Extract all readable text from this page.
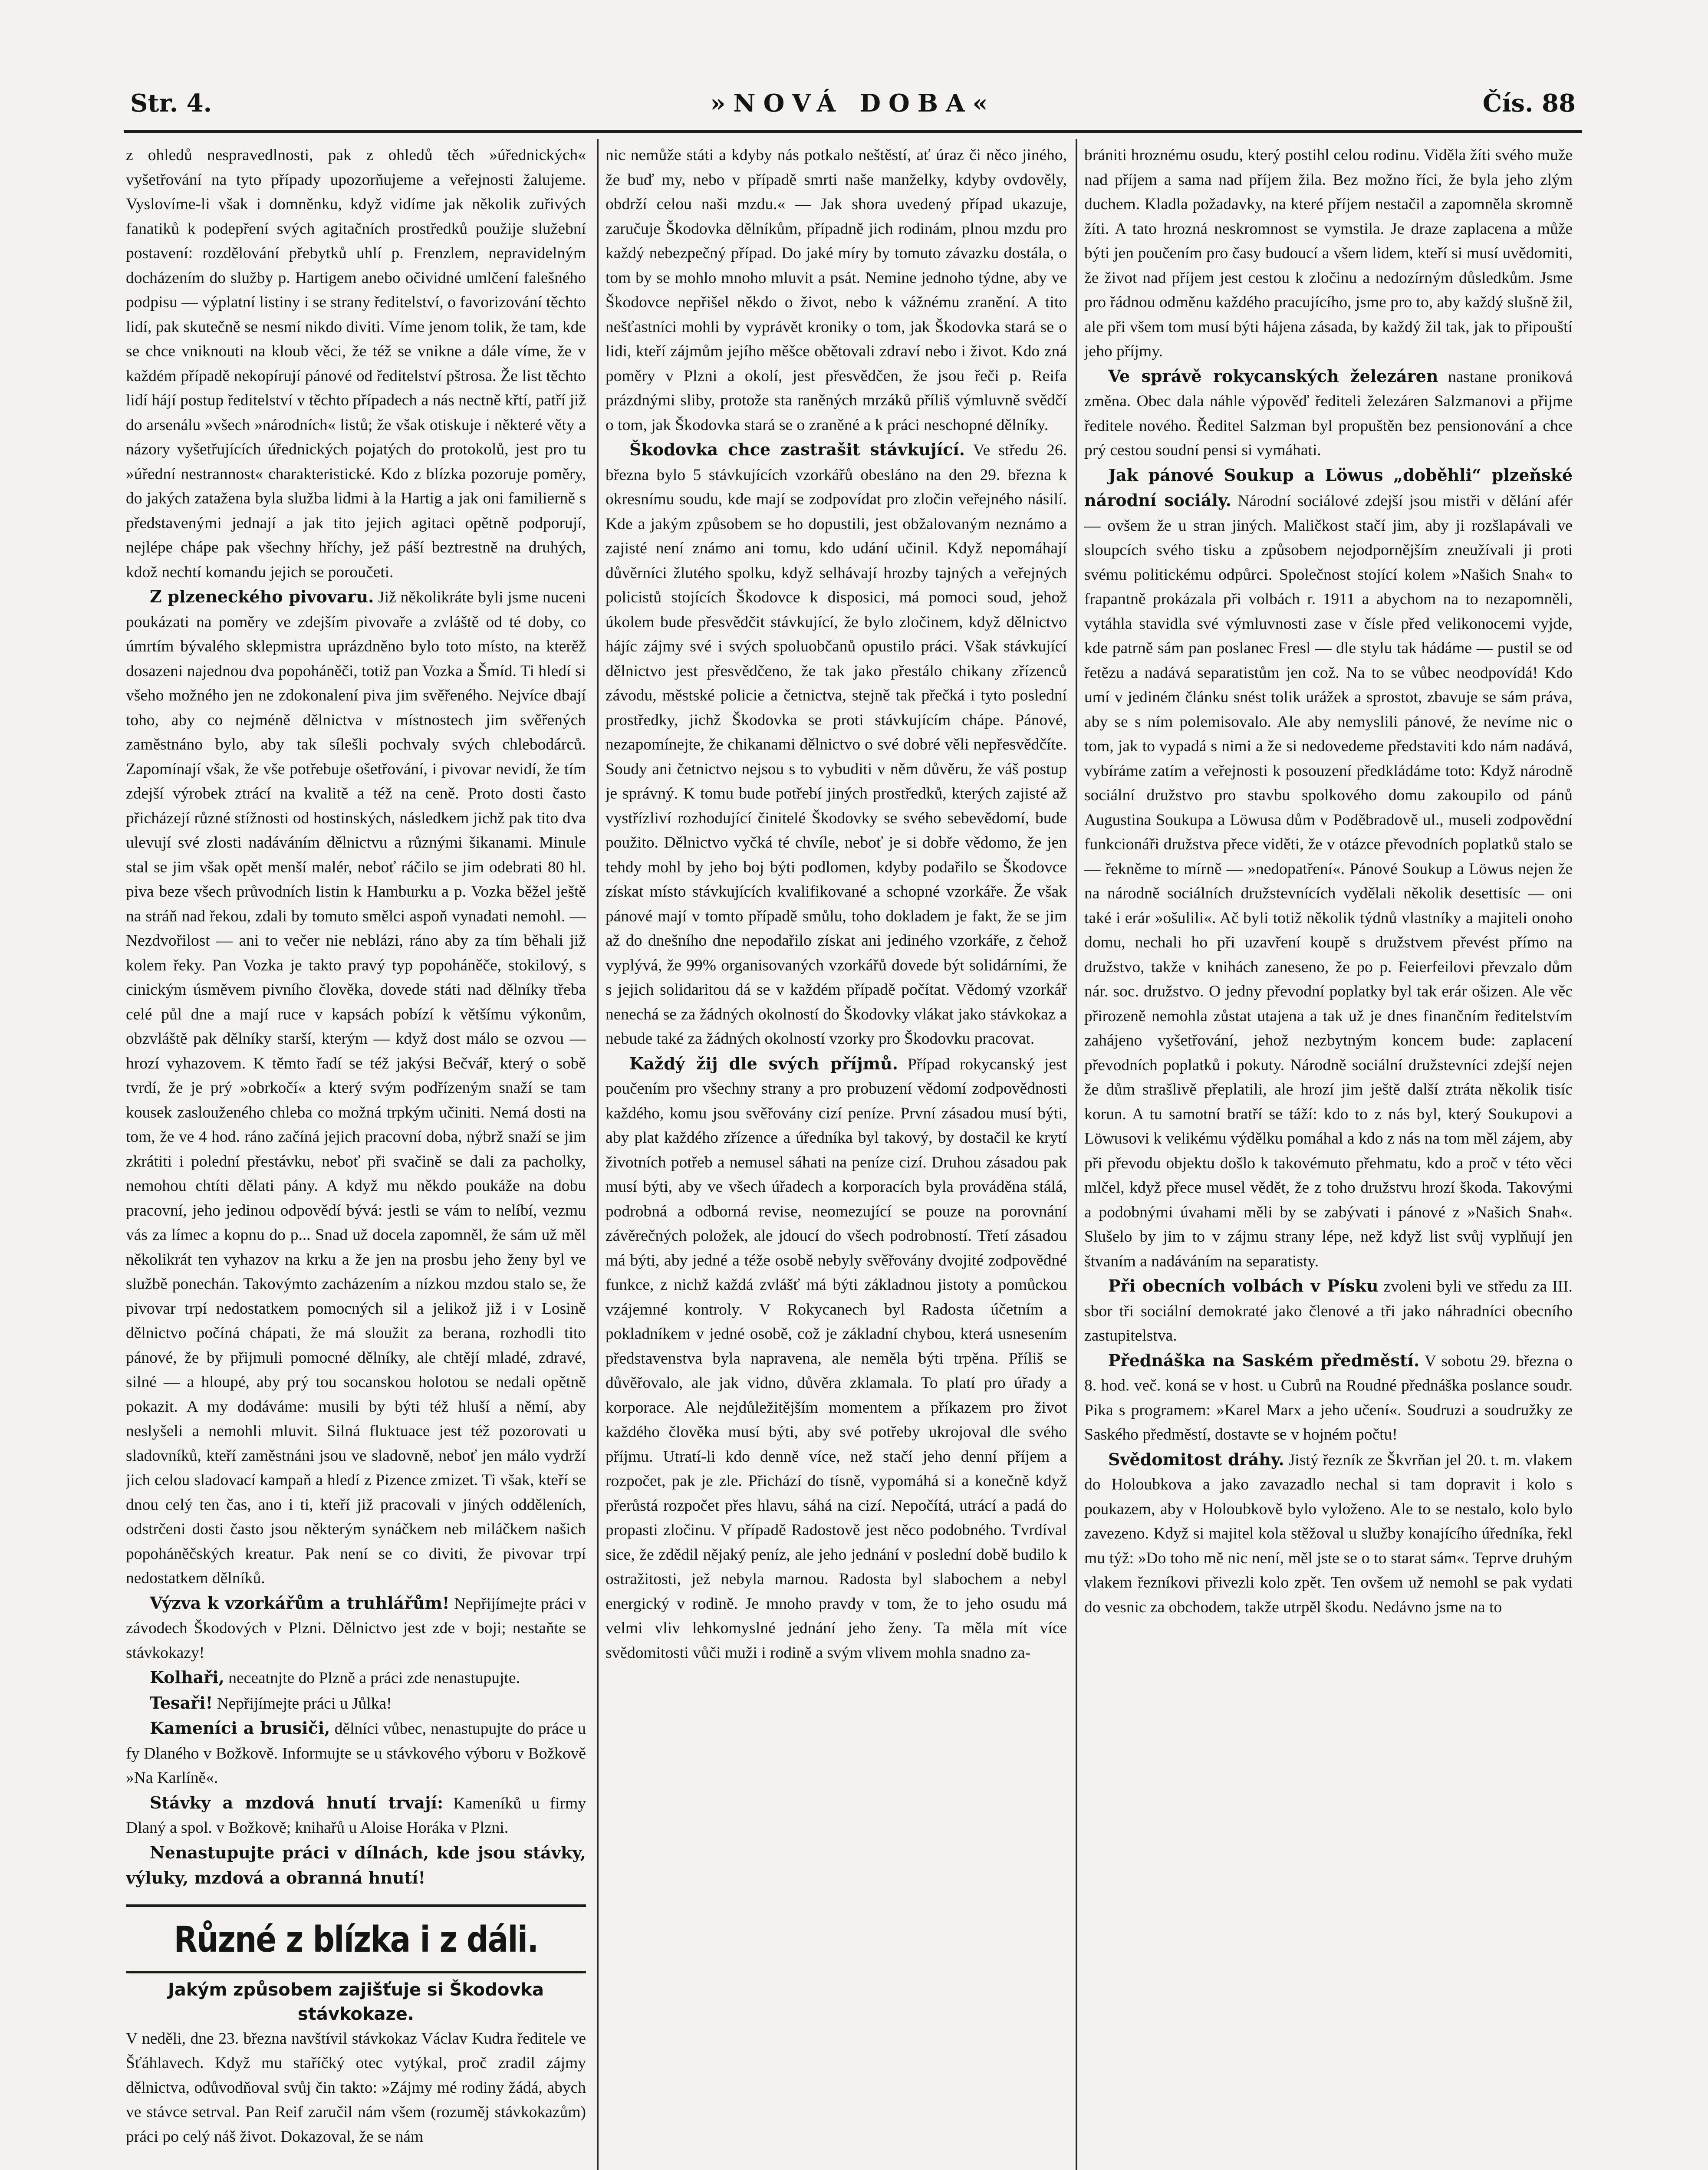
Str. 4.	»NOVÁ DOBA«	Čís. 88

z ohledů nespravedlnosti, pak z ohledů těch »úřednických« vyšetřování na tyto případy upozorňujeme a veřejnosti žalujeme. Vyslovíme-li však i domněnku, když vidíme jak několik zuřivých fanatiků k podepření svých agitačních prostředků použije služební postavení: rozdělování přebytků uhlí p. Frenzlem, nepravidelným docházením do služby p. Hartigem anebo očividné umlčení falešného podpisu — výplatní listiny i se strany ředitelství, o favorizování těchto lidí, pak skutečně se nesmí nikdo diviti. Víme jenom tolik, že tam, kde se chce vniknouti na kloub věci, že též se vnikne a dále víme, že v každém případě nekopírují pánové od ředitelství pštrosa. Že list těchto lidí hájí postup ředitelství v těchto případech a nás nectně křtí, patří již do arsenálu »všech »národních« listů; že však otiskuje i některé věty a názory vyšetřujících úřednických pojatých do protokolů, jest pro tu »úřední nestrannost« charakteristické. Kdo z blízka pozoruje poměry, do jakých zatažena byla služba lidmi à la Hartig a jak oni familierně s představenými jednají a jak tito jejich agitaci opětně podporují, nejlépe chápe pak všechny hříchy, jež páší beztrestně na druhých, kdož nechtí komandu jejich se poroučeti.

Z plzeneckého pivovaru. Již několikráte byli jsme nuceni poukázati na poměry ve zdejším pivovaře a zvláště od té doby, co úmrtím bývalého sklepmistra uprázdněno bylo toto místo, na kterěž dosazeni najednou dva popoháněči, totiž pan Vozka a Šmíd. Ti hledí si všeho možného jen ne zdokonalení piva jim svěřeného. Nejvíce dbají toho, aby co nejméně dělnictva v místnostech jim svěřených zaměstnáno bylo, aby tak sílešli pochvaly svých chlebodárců. Zapomínají však, že vše potřebuje ošetřování, i pivovar nevidí, že tím zdejší výrobek ztrácí na kvalitě a též na ceně. Proto dosti často přicházejí různé stížnosti od hostinských, následkem jichž pak tito dva ulevují své zlosti nadáváním dělnictvu a různými šikanami. Minule stal se jim však opět menší malér, neboť ráčilo se jim odebrati 80 hl. piva beze všech průvodních listin k Hamburku a p. Vozka běžel ještě na stráň nad řekou, zdali by tomuto smělci aspoň vynadati nemohl. — Nezdvořilost — ani to večer nie neblázi, ráno aby za tím běhali již kolem řeky. Pan Vozka je takto pravý typ popoháněče, stokilový, s cinickým úsměvem pivního člověka, dovede státi nad dělníky třeba celé půl dne a mají ruce v kapsách pobízí k většímu výkonům, obzvláště pak dělníky starší, kterým — když dost málo se ozvou — hrozí vyhazovem. K těmto řadí se též jakýsi Bečvář, který o sobě tvrdí, že je prý »obrkočí« a který svým podřízeným snaží se tam kousek zaslouženého chleba co možná trpkým učiniti. Nemá dosti na tom, že ve 4 hod. ráno začíná jejich pracovní doba, nýbrž snaží se jim zkrátiti i polední přestávku, neboť při svačině se dali za pacholky, nemohou chtíti dělati pány. A když mu někdo poukáže na dobu pracovní, jeho jedinou odpovědí bývá: jestli se vám to nelíbí, vezmu vás za límec a kopnu do p... Snad už docela zapomněl, že sám už měl několikrát ten vyhazov na krku a že jen na prosbu jeho ženy byl ve službě ponechán. Takovýmto zacházením a nízkou mzdou stalo se, že pivovar trpí nedostatkem pomocných sil a jelikož již i v Losině dělnictvo počíná chápati, že má sloužit za berana, rozhodli tito pánové, že by přijmuli pomocné dělníky, ale chtějí mladé, zdravé, silné — a hloupé, aby prý tou socanskou holotou se nedali opětně pokazit. A my dodáváme: musili by býti též hluší a němí, aby neslyšeli a nemohli mluvit. Silná fluktuace jest též pozorovati u sladovníků, kteří zaměstnáni jsou ve sladovně, neboť jen málo vydrží jich celou sladovací kampaň a hledí z Pizence zmizet. Ti však, kteří se dnou celý ten čas, ano i ti, kteří již pracovali v jiných odděleních, odstrčeni dosti často jsou některým synáčkem neb miláčkem našich popoháněčských kreatur. Pak není se co diviti, že pivovar trpí nedostatkem dělníků.

Výzva k vzorkářům a truhlářům! Nepřijímejte práci v závodech Škodových v Plzni. Dělnictvo jest zde v boji; nestaňte se stávkokazy!

Kolhaři, neceatnjte do Plzně a práci zde nenastupujte.

Tesaři! Nepřijímejte práci u Jůlka!

Kameníci a brusiči, dělníci vůbec, nenastupujte do práce u fy Dlaného v Božkově. Informujte se u stávkového výboru v Božkově »Na Karlíně«.

Stávky a mzdová hnutí trvají: Kameníků u firmy Dlaný a spol. v Božkově; knihařů u Aloise Horáka v Plzni.

Nenastupujte práci v dílnách, kde jsou stávky, výluky, mzdová a obranná hnutí!

Různé z blízka i z dáli.

Jakým způsobem zajišťuje si Škodovka stávkokaze.
V neděli, dne 23. března navštívil stávkokaz Václav Kudra ředitele ve Šťáhlavech. Když mu staříčký otec vytýkal, proč zradil zájmy dělnictva, odůvodňoval svůj čin takto: »Zájmy mé rodiny žádá, abych ve stávce setrval. Pan Reif zaručil nám všem (rozuměj stávkokazům) práci po celý náš život. Dokazoval, že se nám

nic nemůže státi a kdyby nás potkalo neštěstí, ať úraz či něco jiného, že buď my, nebo v případě smrti naše manželky, kdyby ovdověly, obdrží celou naši mzdu.« — Jak shora uvedený případ ukazuje, zaručuje Škodovka dělníkům, případně jich rodinám, plnou mzdu pro každý nebezpečný případ. Do jaké míry by tomuto závazku dostála, o tom by se mohlo mnoho mluvit a psát. Nemine jednoho týdne, aby ve Škodovce nepřišel někdo o život, nebo k vážnému zranění. A tito nešťastníci mohli by vyprávět kroniky o tom, jak Škodovka stará se o lidi, kteří zájmům jejího měšce obětovali zdraví nebo i život. Kdo zná poměry v Plzni a okolí, jest přesvědčen, že jsou řeči p. Reifa prázdnými sliby, protože sta raněných mrzáků příliš výmluvně svědčí o tom, jak Škodovka stará se o zraněné a k práci neschopné dělníky.

Škodovka chce zastrašit stávkující. Ve středu 26. března bylo 5 stávkujících vzorkářů obesláno na den 29. března k okresnímu soudu, kde mají se zodpovídat pro zločin veřejného násilí. Kde a jakým způsobem se ho dopustili, jest obžalovaným neznámo a zajisté není známo ani tomu, kdo udání učinil. Když nepomáhají důvěrníci žlutého spolku, když selhávají hrozby tajných a veřejných policistů stojících Škodovce k disposici, má pomoci soud, jehož úkolem bude přesvědčit stávkující, že bylo zločinem, když dělnictvo hájíc zájmy své i svých spoluobčanů opustilo práci. Však stávkující dělnictvo jest přesvědčeno, že tak jako přestálo chikany zřízenců závodu, městské policie a četnictva, stejně tak přečká i tyto poslední prostředky, jichž Škodovka se proti stávkujícím chápe. Pánové, nezapomínejte, že chikanami dělnictvo o své dobré věli nepřesvědčíte. Soudy ani četnictvo nejsou s to vybuditi v něm důvěru, že váš postup je správný. K tomu bude potřebí jiných prostředků, kterých zajisté až vystřízliví rozhodující činitelé Škodovky se svého sebevědomí, bude použito. Dělnictvo vyčká té chvíle, neboť je si dobře vědomo, že jen tehdy mohl by jeho boj býti podlomen, kdyby podařilo se Škodovce získat místo stávkujících kvalifikované a schopné vzorkáře. Že však pánové mají v tomto případě smůlu, toho dokladem je fakt, že se jim až do dnešního dne nepodařilo získat ani jediného vzorkáře, z čehož vyplývá, že 99% organisovaných vzorkářů dovede být solidárními, že s jejich solidaritou dá se v každém případě počítat. Vědomý vzorkář nenechá se za žádných okolností do Škodovky vlákat jako stávkokaz a nebude také za žádných okolností vzorky pro Škodovku pracovat.

Každý žij dle svých příjmů. Případ rokycanský jest poučením pro všechny strany a pro probuzení vědomí zodpovědnosti každého, komu jsou svěřovány cizí peníze. První zásadou musí býti, aby plat každého zřízence a úředníka byl takový, by dostačil ke krytí životních potřeb a nemusel sáhati na peníze cizí. Druhou zásadou pak musí býti, aby ve všech úřadech a korporacích byla prováděna stálá, podrobná a odborná revise, neomezující se pouze na porovnání závěrečných položek, ale jdoucí do všech podrobností. Třetí zásadou má býti, aby jedné a téže osobě nebyly svěřovány dvojité zodpovědné funkce, z nichž každá zvlášť má býti základnou jistoty a pomůckou vzájemné kontroly. V Rokycanech byl Radosta účetním a pokladníkem v jedné osobě, což je základní chybou, která usnesením představenstva byla napravena, ale neměla býti trpěna. Příliš se důvěřovalo, ale jak vidno, důvěra zklamala. To platí pro úřady a korporace. Ale nejdůležitějším momentem a příkazem pro život každého člověka musí býti, aby své potřeby ukrojoval dle svého příjmu. Utratí-li kdo denně více, než stačí jeho denní příjem a rozpočet, pak je zle. Přichází do tísně, vypomáhá si a konečně když přerůstá rozpočet přes hlavu, sáhá na cizí. Nepočítá, utrácí a padá do propasti zločinu. V případě Radostově jest něco podobného. Tvrdíval sice, že zdědil nějaký peníz, ale jeho jednání v poslední době budilo k ostražitosti, jež nebyla marnou. Radosta byl slabochem a nebyl energický v rodině. Je mnoho pravdy v tom, že to jeho osudu má velmi vliv lehkomyslné jednání jeho ženy. Ta měla mít více svědomitosti vůči muži i rodině a svým vlivem mohla snadno za-

brániti hroznému osudu, který postihl celou rodinu. Viděla žíti svého muže nad příjem a sama nad příjem žila. Bez možno říci, že byla jeho zlým duchem. Kladla požadavky, na které příjem nestačil a zapomněla skromně žíti. A tato hrozná neskromnost se vymstila. Je draze zaplacena a může býti jen poučením pro časy budoucí a všem lidem, kteří si musí uvědomiti, že život nad příjem jest cestou k zločinu a nedozírným důsledkům. Jsme pro řádnou odměnu každého pracujícího, jsme pro to, aby každý slušně žil, ale při všem tom musí býti hájena zásada, by každý žil tak, jak to připouští jeho příjmy.

Ve správě rokycanských železáren nastane proniková změna. Obec dala náhle výpověď řediteli železáren Salzmanovi a přijme ředitele nového. Ředitel Salzman byl propuštěn bez pensionování a chce prý cestou soudní pensi si vymáhati.

Jak pánové Soukup a Löwus „doběhli“ plzeňské národní sociály. Národní sociálové zdejší jsou mistři v dělání afér — ovšem že u stran jiných. Maličkost stačí jim, aby ji rozšlapávali ve sloupcích svého tisku a způsobem nejodpornějším zneužívali ji proti svému politickému odpůrci. Společnost stojící kolem »Našich Snah« to frapantně prokázala při volbách r. 1911 a abychom na to nezapomněli, vytáhla stavidla své výmluvnosti zase v čísle před velikonocemi vyjde, kde patrně sám pan poslanec Fresl — dle stylu tak hádáme — pustil se od řetězu a nadává separatistům jen což. Na to se vůbec neodpovídá! Kdo umí v jediném článku snést tolik urážek a sprostot, zbavuje se sám práva, aby se s ním polemisovalo. Ale aby nemyslili pánové, že nevíme nic o tom, jak to vypadá s nimi a že si nedovedeme představiti kdo nám nadává, vybíráme zatím a veřejnosti k posouzení předkládáme toto: Když národně sociální družstvo pro stavbu spolkového domu zakoupilo od pánů Augustina Soukupa a Löwusa dům v Poděbradově ul., museli zodpovědní funkcionáři družstva přece viděti, že v otázce převodních poplatků stalo se — řekněme to mírně — »nedopatření«. Pánové Soukup a Löwus nejen že na národně sociálních družstevnících vydělali několik desettisíc — oni také i erár »ošulili«. Ač byli totiž několik týdnů vlastníky a majiteli onoho domu, nechali ho při uzavření koupě s družstvem převést přímo na družstvo, takže v knihách zaneseno, že po p. Feierfeilovi převzalo dům nár. soc. družstvo. O jedny převodní poplatky byl tak erár ošizen. Ale věc přirozeně nemohla zůstat utajena a tak už je dnes finančním ředitelstvím zahájeno vyšetřování, jehož nezbytným koncem bude: zaplacení převodních poplatků i pokuty. Národně sociální družstevníci zdejší nejen že dům strašlivě přeplatili, ale hrozí jim ještě další ztráta několik tisíc korun. A tu samotní bratří se táží: kdo to z nás byl, který Soukupovi a Löwusovi k velikému výdělku pomáhal a kdo z nás na tom měl zájem, aby při převodu objektu došlo k takovémuto přehmatu, kdo a proč v této věci mlčel, když přece musel vědět, že z toho družstvu hrozí škoda. Takovými a podobnými úvahami měli by se zabývati i pánové z »Našich Snah«. Slušelo by jim to v zájmu strany lépe, než když list svůj vyplňují jen štvaním a nadáváním na separatisty.

Při obecních volbách v Písku zvoleni byli ve středu za III. sbor tři sociální demokraté jako členové a tři jako náhradníci obecního zastupitelstva.

Přednáška na Saském předměstí. V sobotu 29. března o 8. hod. več. koná se v host. u Cubrů na Roudné přednáška poslance soudr. Pika s programem: »Karel Marx a jeho učení«. Soudruzi a soudružky ze Saského předměstí, dostavte se v hojném počtu!

Svědomitost dráhy. Jistý řezník ze Škvrňan jel 20. t. m. vlakem do Holoubkova a jako zavazadlo nechal si tam dopravit i kolo s poukazem, aby v Holoubkově bylo vyloženo. Ale to se nestalo, kolo bylo zavezeno. Když si majitel kola stěžoval u služby konajícího úředníka, řekl mu týž: »Do toho mě nic není, měl jste se o to starat sám«. Teprve druhým vlakem řezníkovi přivezli kolo zpět. Ten ovšem už nemohl se pak vydati do vesnic za obchodem, takže utrpěl škodu. Nedávno jsme na to
